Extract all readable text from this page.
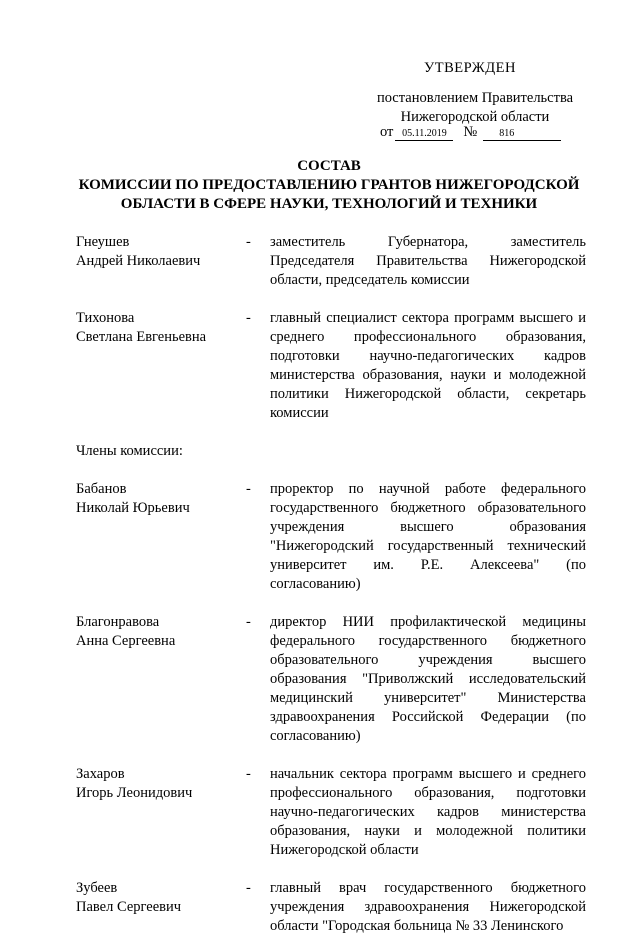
УТВЕРЖДЕН
постановлением Правительства
Нижегородской области
от 05.11.2019 № 816
СОСТАВ
КОМИССИИ ПО ПРЕДОСТАВЛЕНИЮ ГРАНТОВ НИЖЕГОРОДСКОЙ
ОБЛАСТИ В СФЕРЕ НАУКИ, ТЕХНОЛОГИЙ И ТЕХНИКИ
Гнеушев
Андрей Николаевич
- заместитель Губернатора, заместитель Председателя Правительства Нижегородской области, председатель комиссии
Тихонова
Светлана Евгеньевна
- главный специалист сектора программ высшего и среднего профессионального образования, подготовки научно-педагогических кадров министерства образования, науки и молодежной политики Нижегородской области, секретарь комиссии
Члены комиссии:
Бабанов
Николай Юрьевич
- проректор по научной работе федерального государственного бюджетного образовательного учреждения высшего образования "Нижегородский государственный технический университет им. Р.Е. Алексеева" (по согласованию)
Благонравова
Анна Сергеевна
- директор НИИ профилактической медицины федерального государственного бюджетного образовательного учреждения высшего образования "Приволжский исследовательский медицинский университет" Министерства здравоохранения Российской Федерации (по согласованию)
Захаров
Игорь Леонидович
- начальник сектора программ высшего и среднего профессионального образования, подготовки научно-педагогических кадров министерства образования, науки и молодежной политики Нижегородской области
Зубеев
Павел Сергеевич
- главный врач государственного бюджетного учреждения здравоохранения Нижегородской области "Городская больница № 33 Ленинского
